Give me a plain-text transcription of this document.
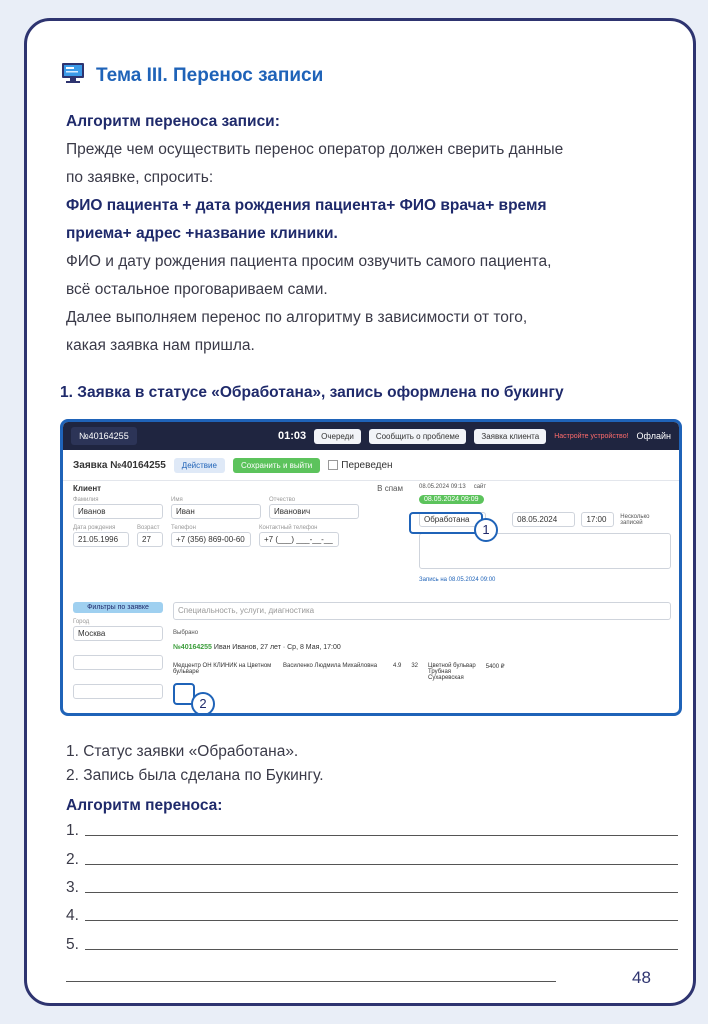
Тема III. Перенос записи
Алгоритм переноса записи:
Прежде чем осуществить перенос оператор должен сверить данные
по заявке, спросить:
ФИО пациента + дата рождения пациента+ ФИО врача+ время
приема+ адрес +название клиники.
ФИО и дату рождения пациента просим озвучить самого пациента,
всё остальное проговариваем сами.
Далее выполняем перенос по алгоритму в зависимости от того,
какая заявка нам пришла.
1. Заявка в статусе «Обработана», запись оформлена по букингу
№40164255	01:03	Очереди	Сообщить о проблеме	Заявка клиента	Настройте устройство! Офлайн
Заявка №40164255	Действие	Сохранить и выйти	Переведен
Клиент	В спам
Фамилия
Иванов
Имя
Иван
Отчество
Иванович
Дата рождения
21.05.1996
Возраст
27
Телефон
+7 (356) 869-00-60
Контактный телефон
+7 (___) ___-__-__
08.05.2024 09:13 сайт
08.05.2024 09:09
Обработана	08.05.2024	17:00	Несколько записей
Запись на 08.05.2024 09:00
Фильтры по заявке
Город
Москва
Специальность, услуги, диагностика
Выбрано
№40164255 Иван Иванов, 27 лет · Ср, 8 Мая, 17:00
Медцентр ОН КЛИНИК на Цветном бульваре
Василенко Людмила Михайловна	4.9 32 Цветной бульвар
Трубная
Сухаревская
5400 ₽
1
2
1. Статус заявки «Обработана».
2. Запись была сделана по Букингу.
Алгоритм переноса:
1.
2.
3.
4.
5.
48
